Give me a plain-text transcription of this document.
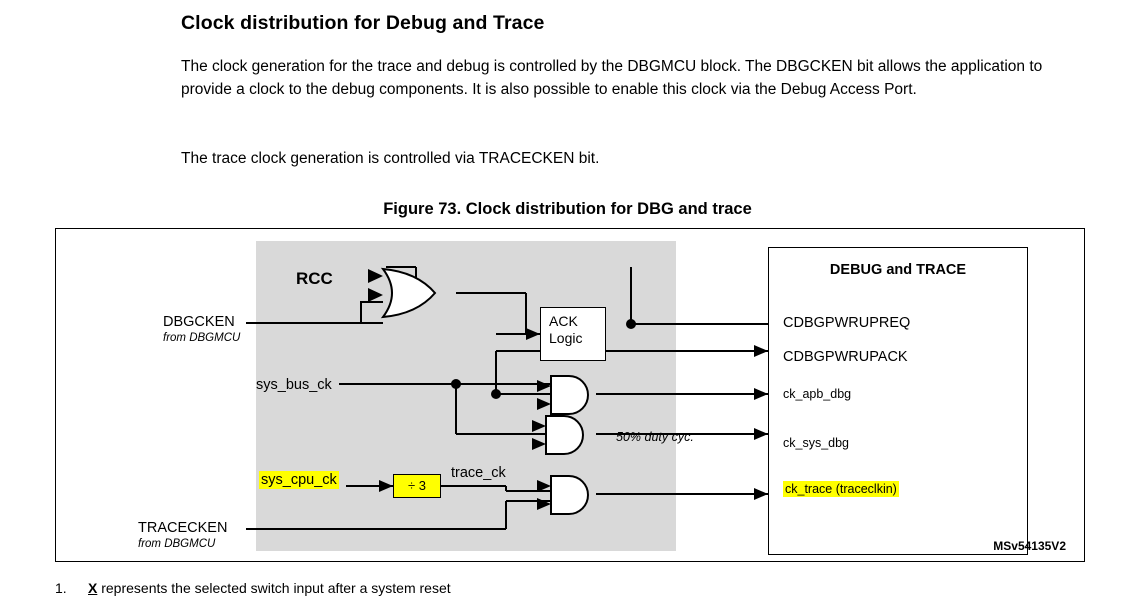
Clock distribution for Debug and Trace
The clock generation for the trace and debug is controlled by the DBGMCU block. The DBGCKEN bit allows the application to provide a clock to the debug components. It is also possible to enable this clock via the Debug Access Port.
The trace clock generation is controlled via TRACECKEN bit.
Figure 73. Clock distribution for DBG and trace
RCC	DEBUG and TRACE
DBGCKEN
from DBGMCU
sys_bus_ck
sys_cpu_ck
TRACECKEN
from DBGMCU
CDBGPWRUPREQ
CDBGPWRUPACK
ck_apb_dbg
ck_sys_dbg
ck_trace (traceclkin)
ACK
Logic
÷ 3
trace_ck
50% duty cyc.
MSv54135V2
1. X represents the selected switch input after a system reset
